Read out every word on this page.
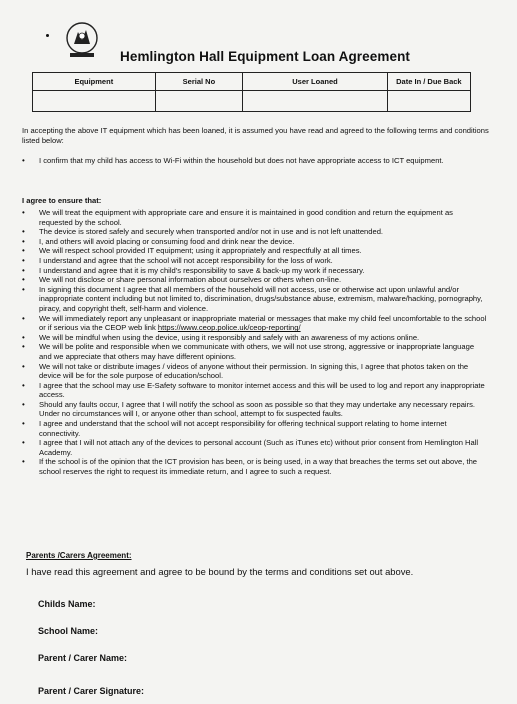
Hemlington Hall Equipment Loan Agreement
Equipment	Serial No	User Loaned	Date In / Due Back

In accepting the above IT equipment which has been loaned, it is assumed you have read and agreed to the following terms and conditions listed below:
• I confirm that my child has access to Wi-Fi within the household but does not have appropriate access to ICT equipment.
I agree to ensure that:
• We will treat the equipment with appropriate care and ensure it is maintained in good condition and return the equipment as requested by the school.
• The device is stored safely and securely when transported and/or not in use and is not left unattended.
• I, and others will avoid placing or consuming food and drink near the device.
• We will respect school provided IT equipment; using it appropriately and respectfully at all times.
• I understand and agree that the school will not accept responsibility for the loss of work.
• I understand and agree that it is my child's responsibility to save & back-up my work if necessary.
• We will not disclose or share personal information about ourselves or others when on-line.
• In signing this document I agree that all members of the household will not access, use or otherwise act upon unlawful and/or inappropriate content including but not limited to, discrimination, drugs/substance abuse, extremism, malware/hacking, pornography, piracy, and copyright theft, self-harm and violence.
• We will immediately report any unpleasant or inappropriate material or messages that make my child feel uncomfortable to the school or if serious via the CEOP web link https://www.ceop.police.uk/ceop-reporting/
• We will be mindful when using the device, using it responsibly and safely with an awareness of my actions online.
• We will be polite and responsible when we communicate with others, we will not use strong, aggressive or inappropriate language and we appreciate that others may have different opinions.
• We will not take or distribute images / videos of anyone without their permission. In signing this, I agree that photos taken on the device will be for the sole purpose of education/school.
• I agree that the school may use E-Safety software to monitor internet access and this will be used to log and report any inappropriate access.
• Should any faults occur, I agree that I will notify the school as soon as possible so that they may undertake any necessary repairs. Under no circumstances will I, or anyone other than school, attempt to fix suspected faults.
• I agree and understand that the school will not accept responsibility for offering technical support relating to home internet connectivity.
• I agree that I will not attach any of the devices to personal account (Such as iTunes etc) without prior consent from Hemlington Hall Academy.
• If the school is of the opinion that the ICT provision has been, or is being used, in a way that breaches the terms set out above, the school reserves the right to request its immediate return, and I agree to such a request.
Parents /Carers Agreement:
I have read this agreement and agree to be bound by the terms and conditions set out above.
Childs Name:
School Name:
Parent / Carer Name:
Parent / Carer Signature:
